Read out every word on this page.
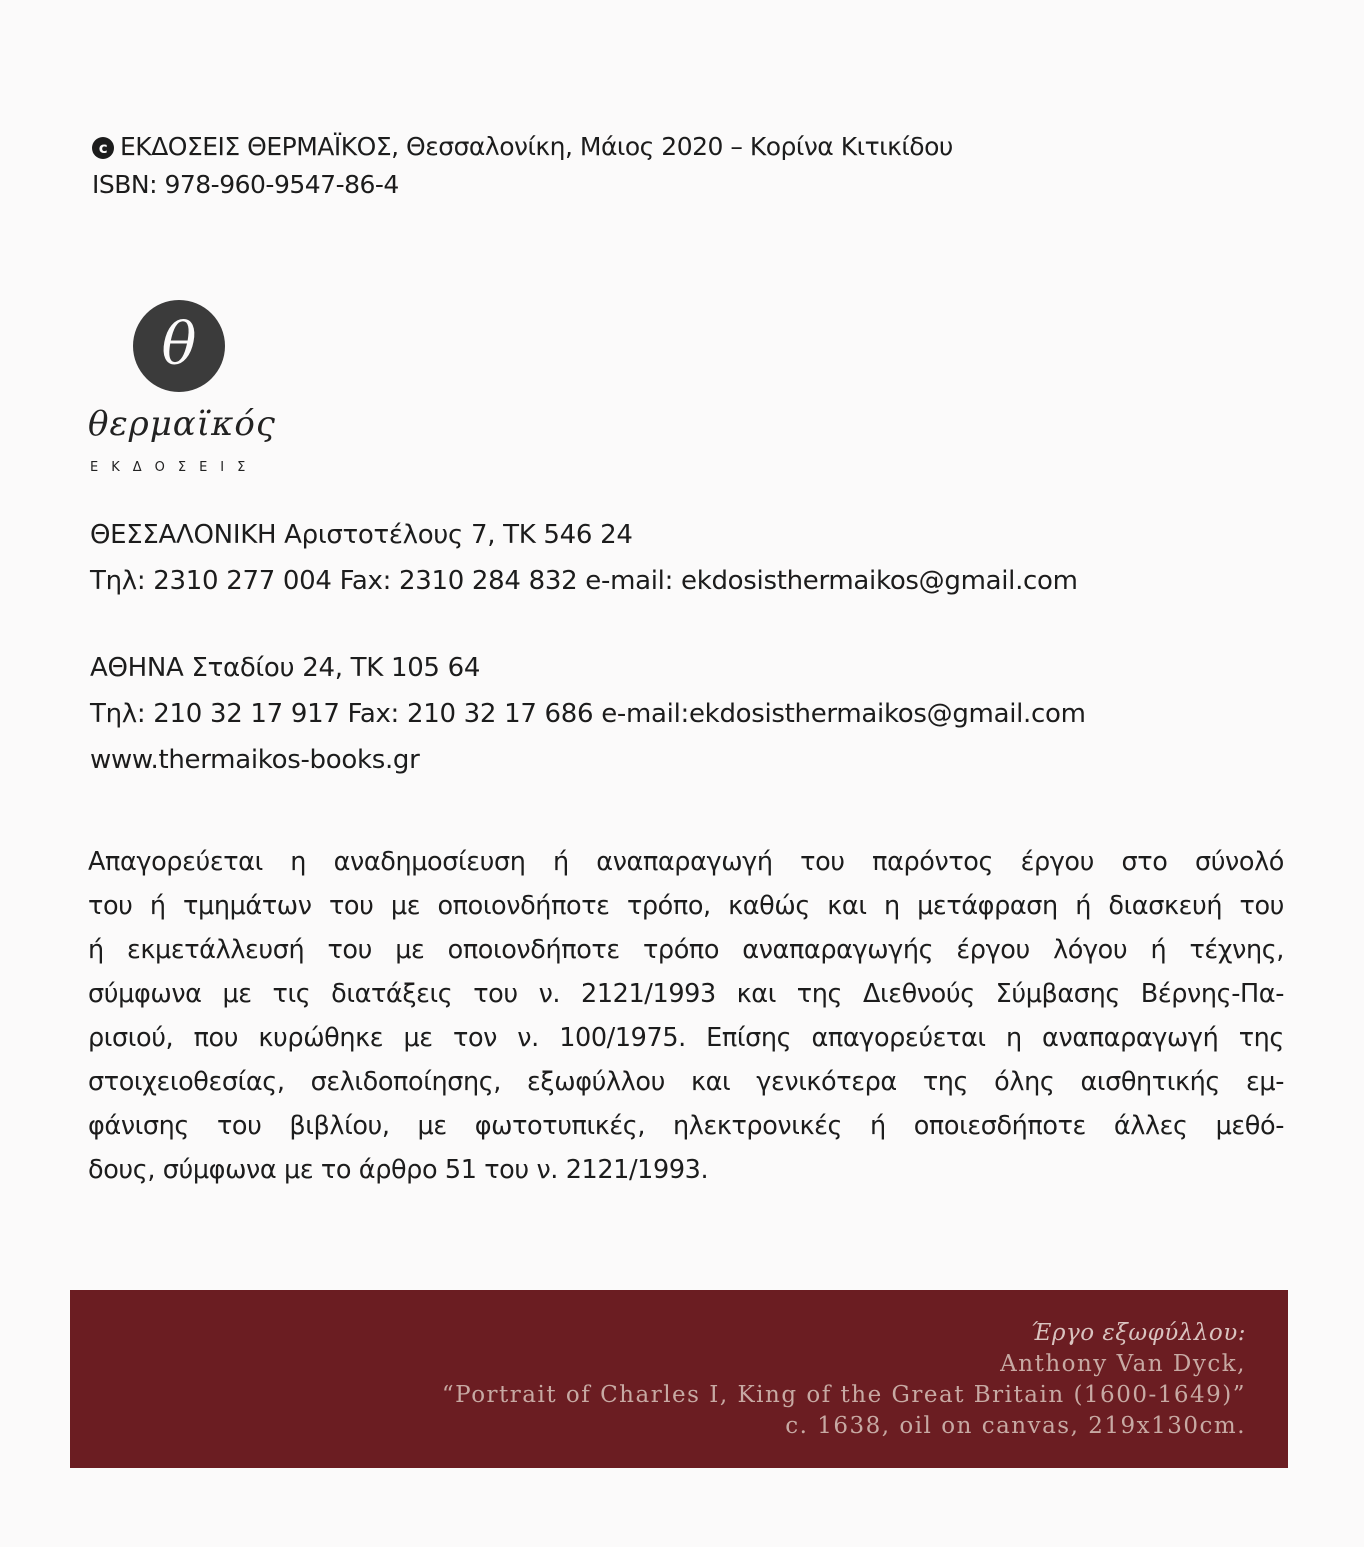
c ΕΚΔΟΣΕΙΣ ΘΕΡΜΑΪΚΟΣ, Θεσσαλονίκη, Μάιος 2020 – Κορίνα Κιτικίδου
ISBN: 978-960-9547-86-4
θ
θερμαϊκός
ΕΚΔΟΣΕΙΣ
ΘΕΣΣΑΛΟΝΙΚΗ Αριστοτέλους 7, ΤΚ 546 24
Τηλ: 2310 277 004 Fax: 2310 284 832 e-mail: ekdosisthermaikos@gmail.com
ΑΘΗΝΑ Σταδίου 24, ΤΚ 105 64
Τηλ: 210 32 17 917 Fax: 210 32 17 686 e-mail:ekdosisthermaikos@gmail.com
www.thermaikos-books.gr
Απαγορεύεται η αναδημοσίευση ή αναπαραγωγή του παρόντος έργου στο σύνολό
του ή τμημάτων του με οποιονδήποτε τρόπο, καθώς και η μετάφραση ή διασκευή του
ή εκμετάλλευσή του με οποιονδήποτε τρόπο αναπαραγωγής έργου λόγου ή τέχνης,
σύμφωνα με τις διατάξεις του ν. 2121/1993 και της Διεθνούς Σύμβασης Βέρνης-Πα-
ρισιού, που κυρώθηκε με τον ν. 100/1975. Επίσης απαγορεύεται η αναπαραγωγή της
στοιχειοθεσίας, σελιδοποίησης, εξωφύλλου και γενικότερα της όλης αισθητικής εμ-
φάνισης του βιβλίου, με φωτοτυπικές, ηλεκτρονικές ή οποιεσδήποτε άλλες μεθό-
δους, σύμφωνα με το άρθρο 51 του ν. 2121/1993.
Έργο εξωφύλλου:
Anthony Van Dyck,
“Portrait of Charles I, King of the Great Britain (1600-1649)”
c. 1638, oil on canvas, 219x130cm.
